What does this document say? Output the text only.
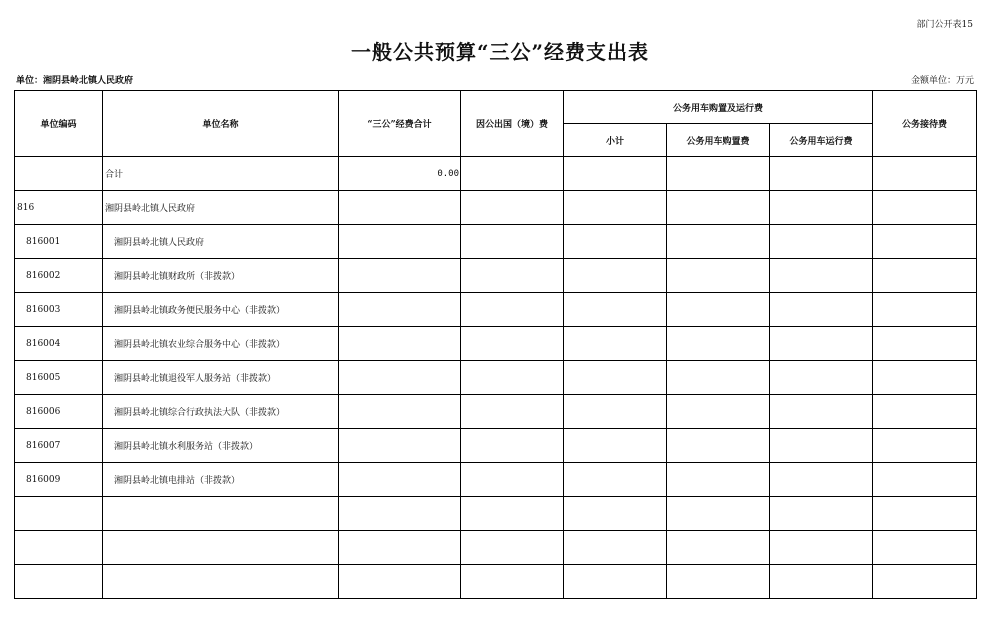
部门公开表15
一般公共预算“三公”经费支出表
单位：湘阴县岭北镇人民政府	金额单位：万元
单位编码	单位名称	“三公”经费合计	因公出国（境）费	公务用车购置及运行费			公务接待费
				小计	公务用车购置费	公务用车运行费	
	合计	0.00					
816	湘阴县岭北镇人民政府						
816001	湘阴县岭北镇人民政府						
816002	湘阴县岭北镇财政所（非拨款）						
816003	湘阴县岭北镇政务便民服务中心（非拨款）						
816004	湘阴县岭北镇农业综合服务中心（非拨款）						
816005	湘阴县岭北镇退役军人服务站（非拨款）						
816006	湘阴县岭北镇综合行政执法大队（非拨款）						
816007	湘阴县岭北镇水利服务站（非拨款）						
816009	湘阴县岭北镇电排站（非拨款）						
